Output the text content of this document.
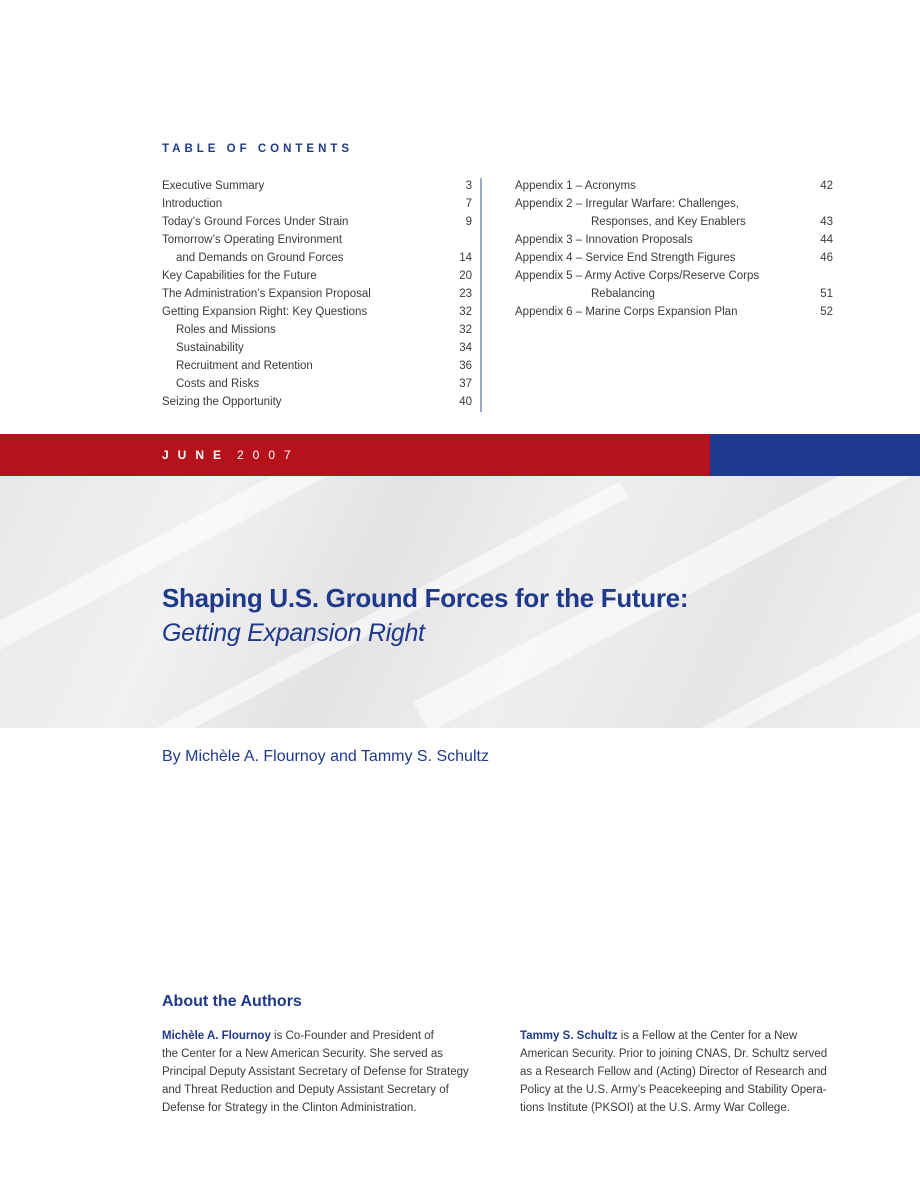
TABLE OF CONTENTS
Executive Summary	3
Introduction	7
Today’s Ground Forces Under Strain	9
Tomorrow’s Operating Environment
and Demands on Ground Forces	14
Key Capabilities for the Future	20
The Administration’s Expansion Proposal	23
Getting Expansion Right: Key Questions	32
Roles and Missions	32
Sustainability	34
Recruitment and Retention	36
Costs and Risks	37
Seizing the Opportunity	40
Appendix 1 – Acronyms	42
Appendix 2 – Irregular Warfare: Challenges,
Responses, and Key Enablers	43
Appendix 3 – Innovation Proposals	44
Appendix 4 – Service End Strength Figures	46
Appendix 5 – Army Active Corps/Reserve Corps
Rebalancing	51
Appendix 6 – Marine Corps Expansion Plan	52
JUNE 2007
Shaping U.S. Ground Forces for the Future:
Getting Expansion Right
By Michèle A. Flournoy and Tammy S. Schultz
About the Authors
Michèle A. Flournoy is Co-Founder and President of
the Center for a New American Security. She served as
Principal Deputy Assistant Secretary of Defense for Strategy
and Threat Reduction and Deputy Assistant Secretary of
Defense for Strategy in the Clinton Administration.
Tammy S. Schultz is a Fellow at the Center for a New
American Security. Prior to joining CNAS, Dr. Schultz served
as a Research Fellow and (Acting) Director of Research and
Policy at the U.S. Army’s Peacekeeping and Stability Opera-
tions Institute (PKSOI) at the U.S. Army War College.
